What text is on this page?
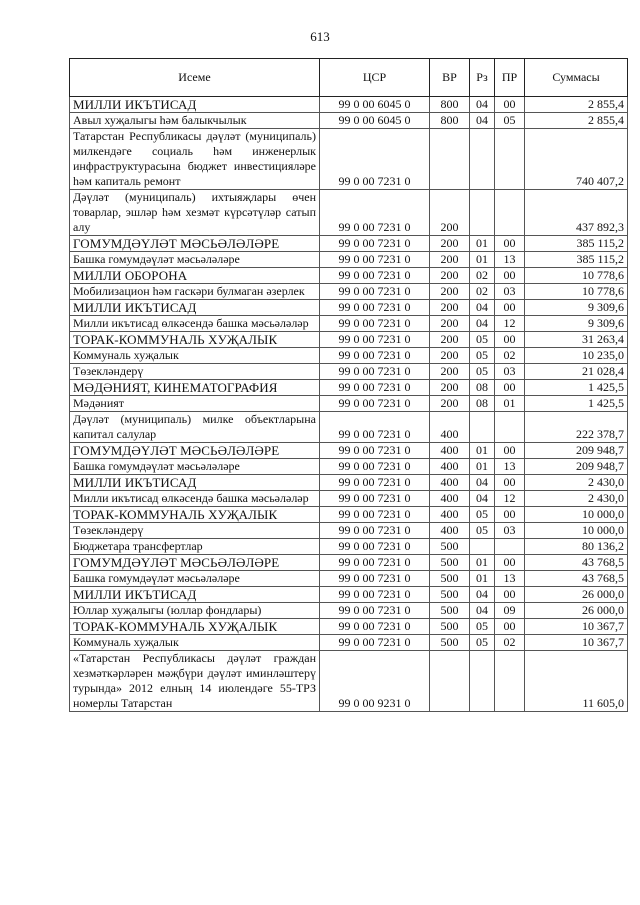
613
Исеме	ЦСР	ВР	Рз	ПР	Суммасы
МИЛЛИ ИКЪТИСАД	99 0 00 6045 0	800	04	00	2 855,4
Авыл хуҗалыгы һәм балыкчылык	99 0 00 6045 0	800	04	05	2 855,4
Татарстан Республикасы дәүләт (муниципаль) милкендәге социаль һәм инженерлык инфраструктурасына бюджет инвестицияләре һәм капиталь ремонт	99 0 00 7231 0				740 407,2
Дәүләт (муниципаль) ихтыяҗлары өчен товарлар, эшләр һәм хезмәт күрсәтүләр сатып алу	99 0 00 7231 0	200			437 892,3
ГОМУМДӘҮЛӘТ МӘСЬӘЛӘЛӘРЕ	99 0 00 7231 0	200	01	00	385 115,2
Башка гомумдәүләт мәсьәләләре	99 0 00 7231 0	200	01	13	385 115,2
МИЛЛИ ОБОРОНА	99 0 00 7231 0	200	02	00	10 778,6
Мобилизацион һәм гаскәри булмаган әзерлек	99 0 00 7231 0	200	02	03	10 778,6
МИЛЛИ ИКЪТИСАД	99 0 00 7231 0	200	04	00	9 309,6
Милли икътисад өлкәсендә башка мәсьәләләр	99 0 00 7231 0	200	04	12	9 309,6
ТОРАК-КОММУНАЛЬ ХУҖАЛЫК	99 0 00 7231 0	200	05	00	31 263,4
Коммуналь хуҗалык	99 0 00 7231 0	200	05	02	10 235,0
Төзекләндерү	99 0 00 7231 0	200	05	03	21 028,4
МӘДӘНИЯТ, КИНЕМАТОГРАФИЯ	99 0 00 7231 0	200	08	00	1 425,5
Мәдәният	99 0 00 7231 0	200	08	01	1 425,5
Дәүләт (муниципаль) милке объектларына капитал салулар	99 0 00 7231 0	400			222 378,7
ГОМУМДӘҮЛӘТ МӘСЬӘЛӘЛӘРЕ	99 0 00 7231 0	400	01	00	209 948,7
Башка гомумдәүләт мәсьәләләре	99 0 00 7231 0	400	01	13	209 948,7
МИЛЛИ ИКЪТИСАД	99 0 00 7231 0	400	04	00	2 430,0
Милли икътисад өлкәсендә башка мәсьәләләр	99 0 00 7231 0	400	04	12	2 430,0
ТОРАК-КОММУНАЛЬ ХУҖАЛЫК	99 0 00 7231 0	400	05	00	10 000,0
Төзекләндерү	99 0 00 7231 0	400	05	03	10 000,0
Бюджетара трансфертлар	99 0 00 7231 0	500			80 136,2
ГОМУМДӘҮЛӘТ МӘСЬӘЛӘЛӘРЕ	99 0 00 7231 0	500	01	00	43 768,5
Башка гомумдәүләт мәсьәләләре	99 0 00 7231 0	500	01	13	43 768,5
МИЛЛИ ИКЪТИСАД	99 0 00 7231 0	500	04	00	26 000,0
Юллар хуҗалыгы (юллар фондлары)	99 0 00 7231 0	500	04	09	26 000,0
ТОРАК-КОММУНАЛЬ ХУҖАЛЫК	99 0 00 7231 0	500	05	00	10 367,7
Коммуналь хуҗалык	99 0 00 7231 0	500	05	02	10 367,7
«Татарстан Республикасы дәүләт граждан хезмәткәрләрен мәҗбүри дәүләт иминләштерү турында» 2012 елның 14 июлендәге 55-ТРЗ номерлы Татарстан	99 0 00 9231 0				11 605,0
